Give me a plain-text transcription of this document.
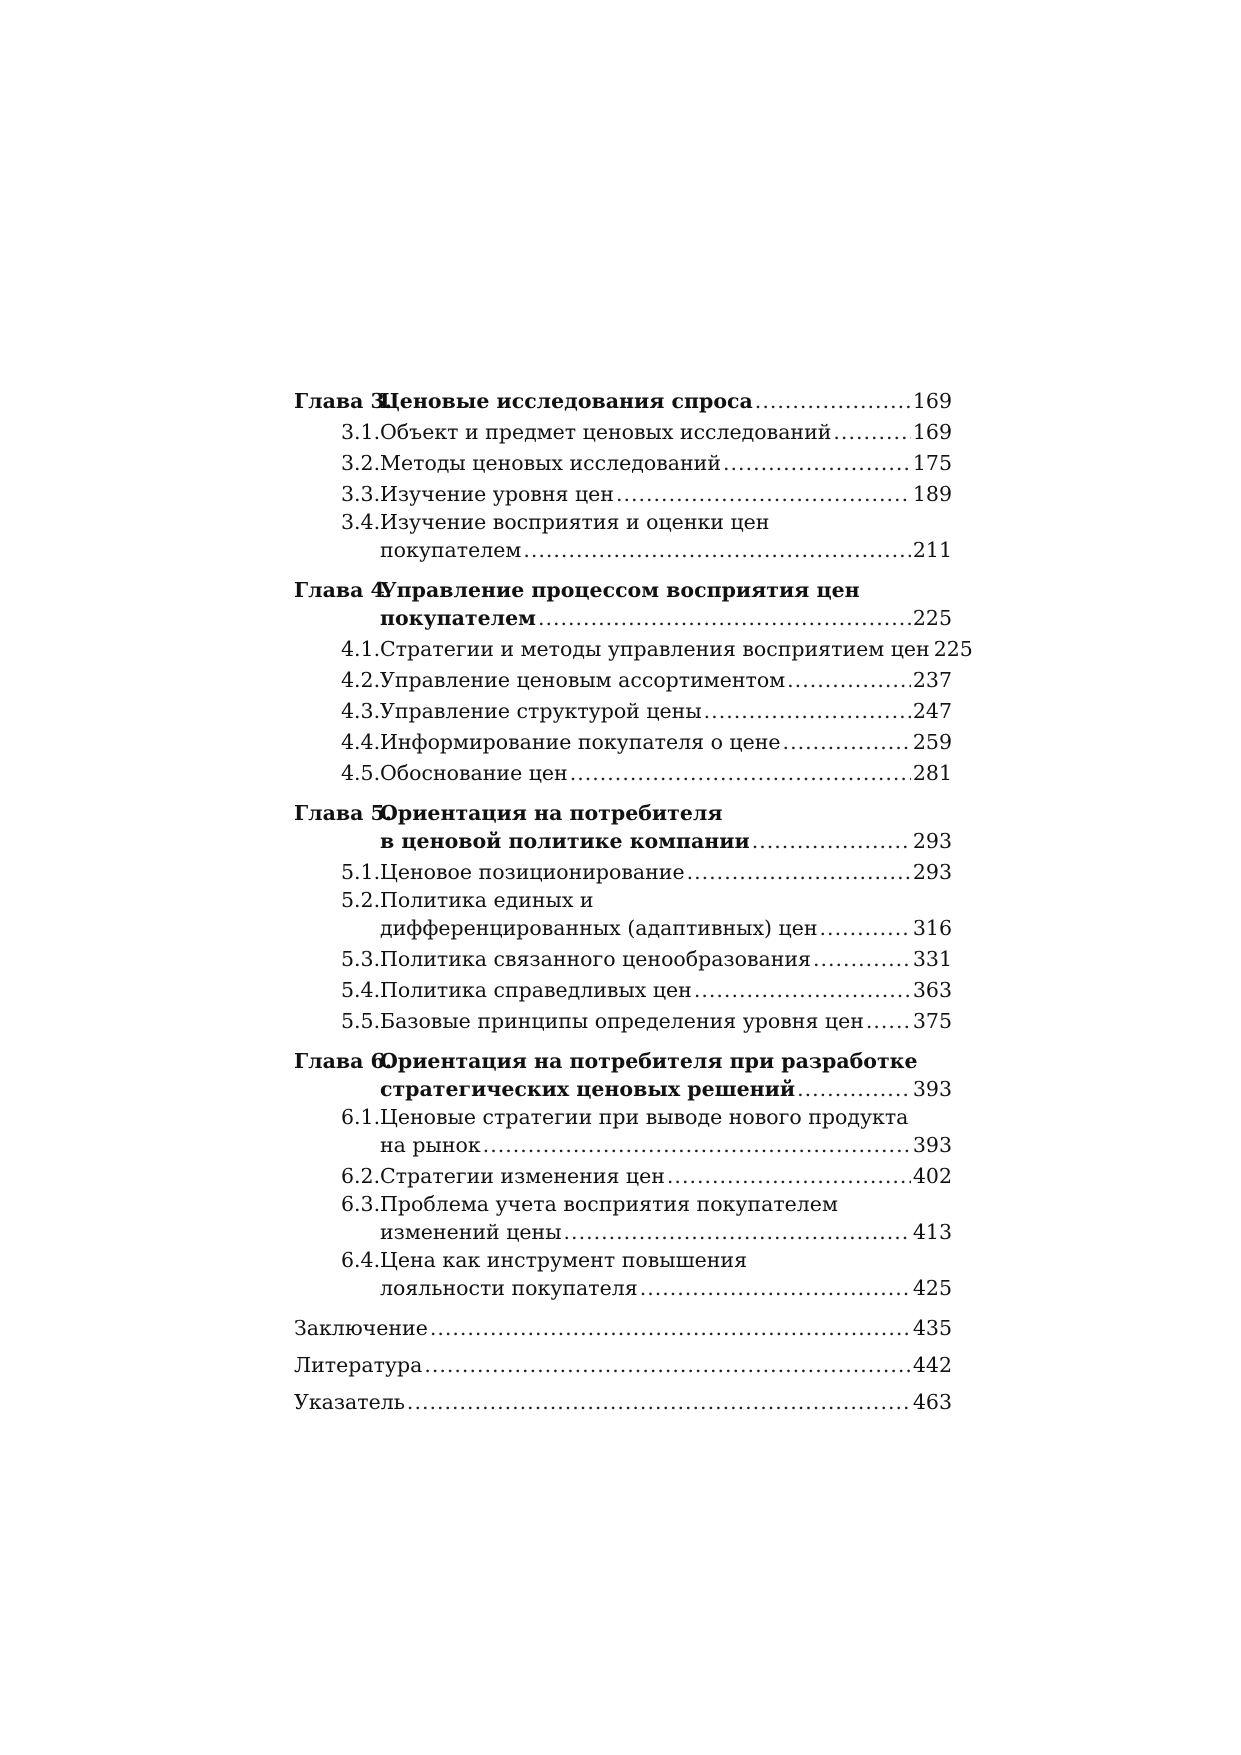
Глава 3.
Ценовые исследования спроса .....	169
3.1. Объект и предмет ценовых исследований .....	169
3.2. Методы ценовых исследований .....	175
3.3. Изучение уровня цен .....	189
3.4. Изучение восприятия и оценки цен
покупателем .....	211
Глава 4.
Управление процессом восприятия цен
покупателем .....	225
4.1. Стратегии и методы управления восприятием цен 225
4.2. Управление ценовым ассортиментом .....	237
4.3. Управление структурой цены .....	247
4.4. Информирование покупателя о цене .....	259
4.5. Обоснование цен .....	281
Глава 5.
Ориентация на потребителя
в ценовой политике компании .....	293
5.1. Ценовое позиционирование .....	293
5.2. Политика единых и
дифференцированных (адаптивных) цен .....	316
5.3. Политика связанного ценообразования .....	331
5.4. Политика справедливых цен .....	363
5.5. Базовые принципы определения уровня цен ..... 375
Глава 6.
Ориентация на потребителя при разработке
стратегических ценовых решений .....	393
6.1. Ценовые стратегии при выводе нового продукта
на рынок .....	393
6.2. Стратегии изменения цен .....	402
6.3. Проблема учета восприятия покупателем
изменений цены .....	413
6.4. Цена как инструмент повышения
лояльности покупателя .....	425
Заключение .....	435
Литература .....	442
Указатель .....	463
